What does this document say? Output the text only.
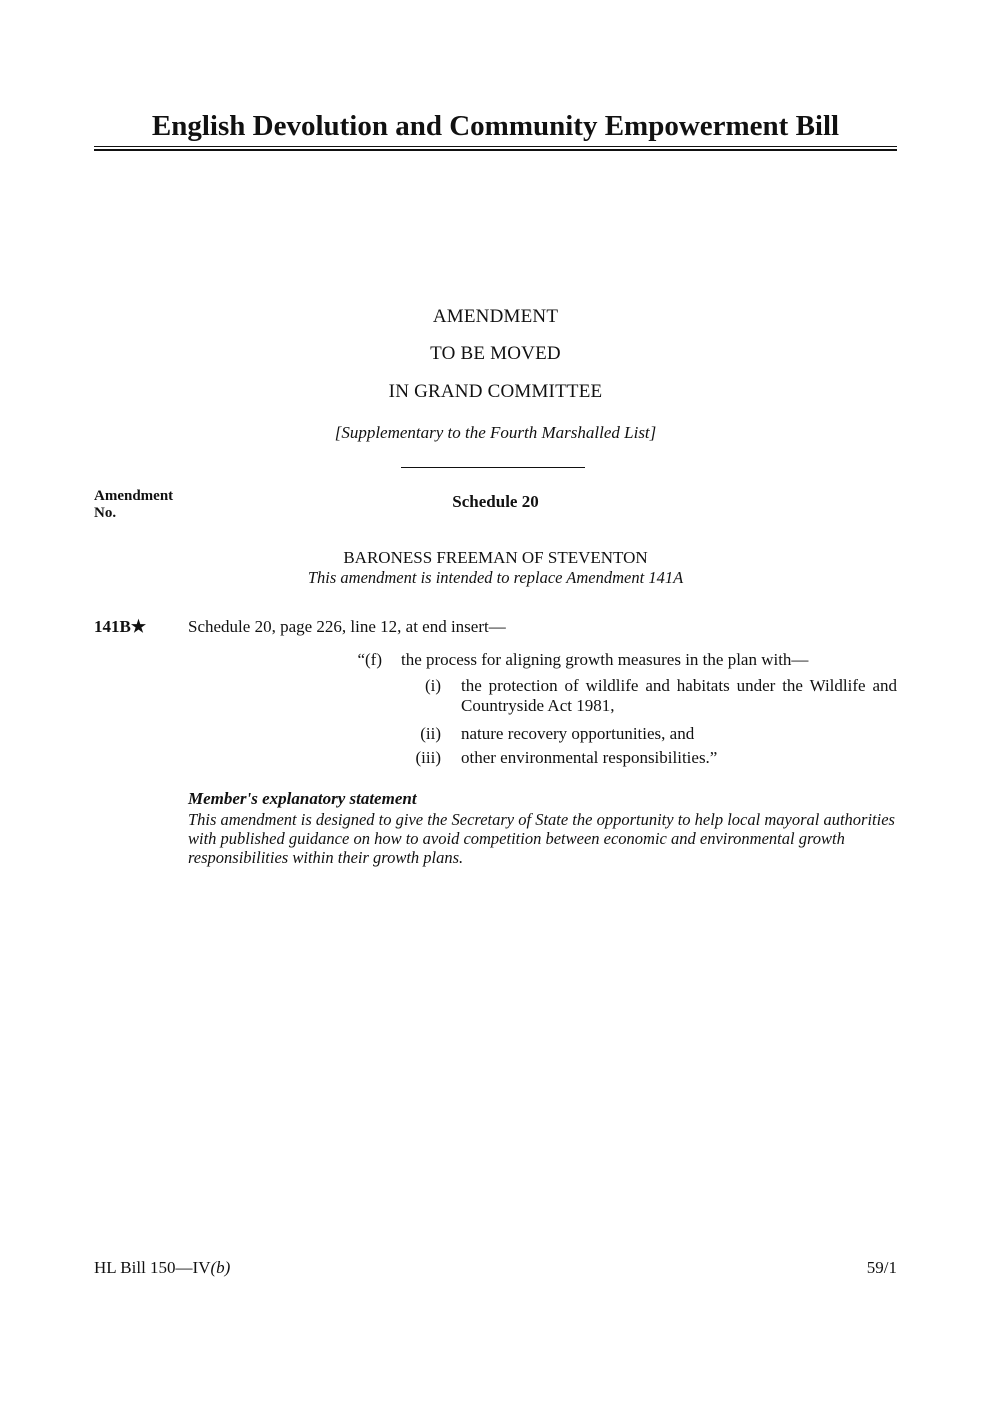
English Devolution and Community Empowerment Bill
AMENDMENT
TO BE MOVED
IN GRAND COMMITTEE
[Supplementary to the Fourth Marshalled List]
Amendment
No.
Schedule 20
BARONESS FREEMAN OF STEVENTON
This amendment is intended to replace Amendment 141A
141B★ Schedule 20, page 226, line 12, at end insert—
“(f) the process for aligning growth measures in the plan with—
(i) the protection of wildlife and habitats under the Wildlife and Countryside Act 1981,
(ii) nature recovery opportunities, and
(iii) other environmental responsibilities.”
Member's explanatory statement
This amendment is designed to give the Secretary of State the opportunity to help local mayoral authorities with published guidance on how to avoid competition between economic and environmental growth responsibilities within their growth plans.
HL Bill 150—IV(b)	59/1
